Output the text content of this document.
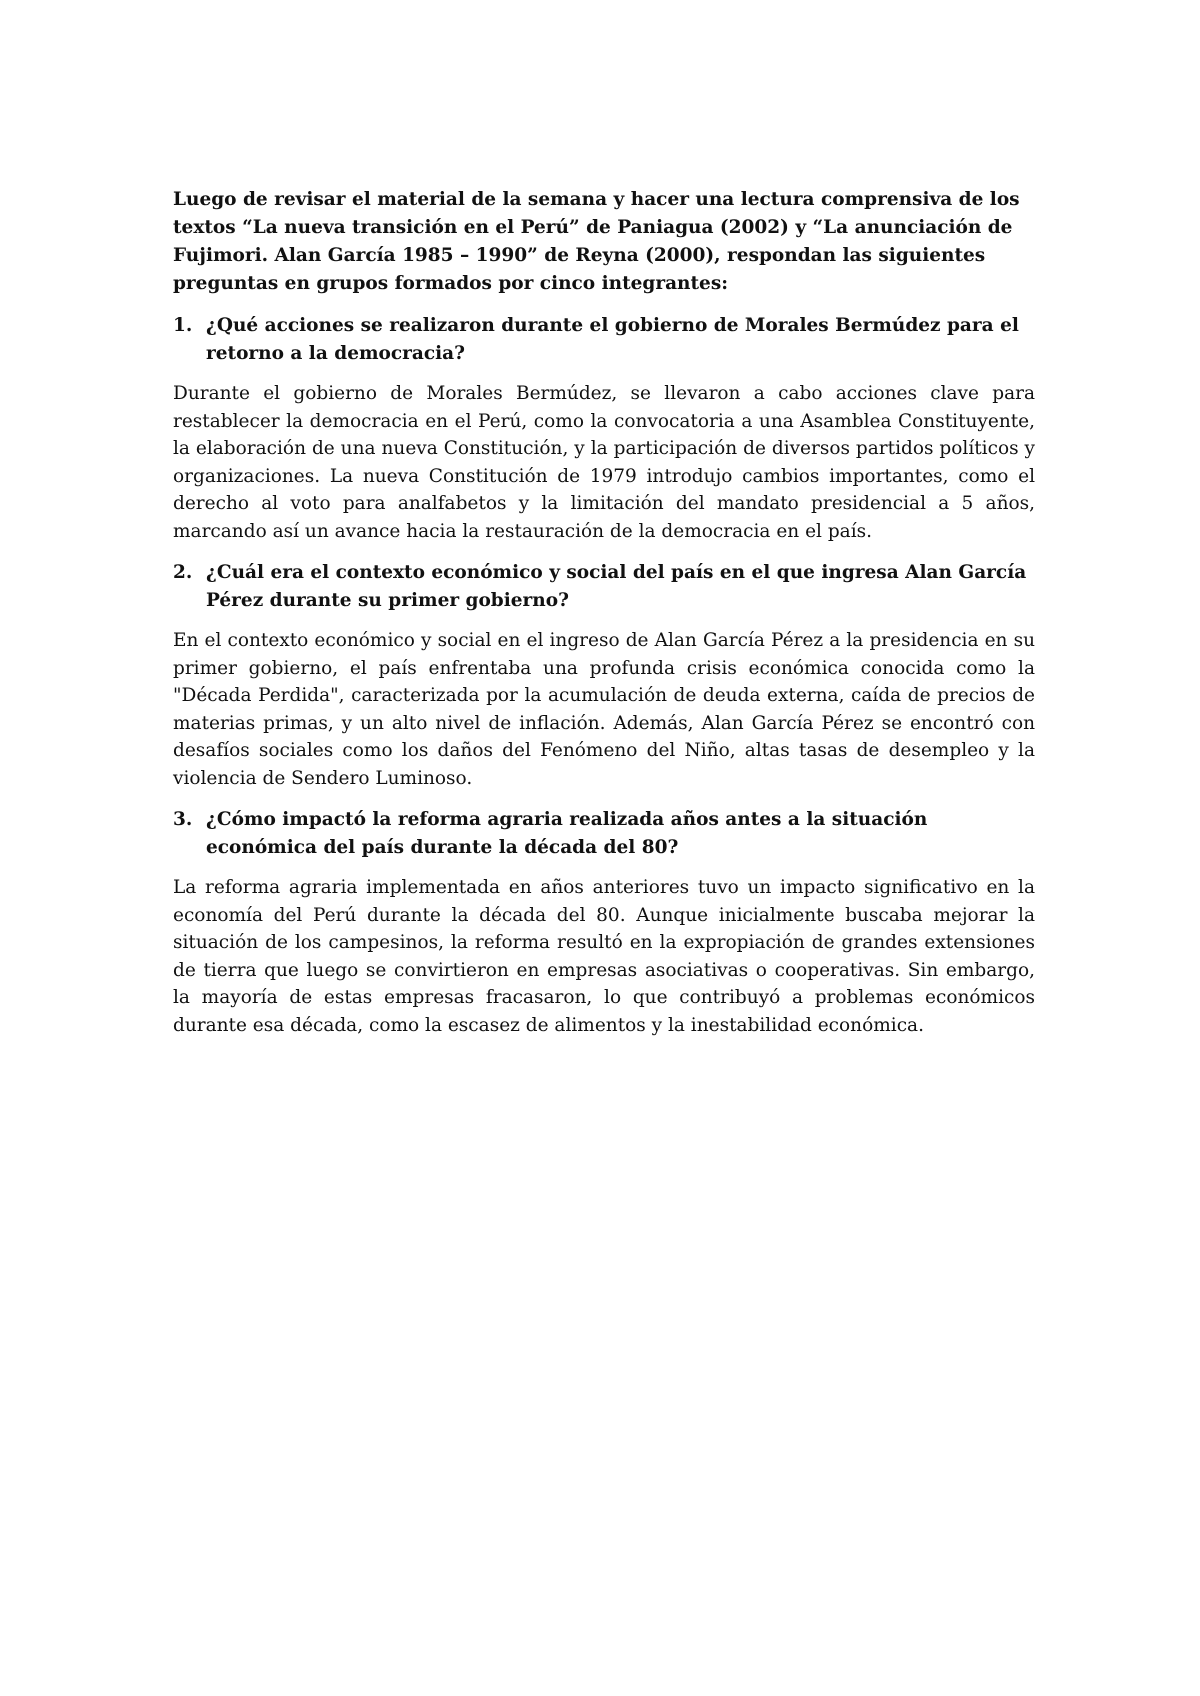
Luego de revisar el material de la semana y hacer una lectura comprensiva de los textos “La nueva transición en el Perú” de Paniagua (2002) y “La anunciación de Fujimori. Alan García 1985 – 1990” de Reyna (2000), respondan las siguientes preguntas en grupos formados por cinco integrantes:

1. ¿Qué acciones se realizaron durante el gobierno de Morales Bermúdez para el retorno a la democracia?

Durante el gobierno de Morales Bermúdez, se llevaron a cabo acciones clave para restablecer la democracia en el Perú, como la convocatoria a una Asamblea Constituyente, la elaboración de una nueva Constitución, y la participación de diversos partidos políticos y organizaciones. La nueva Constitución de 1979 introdujo cambios importantes, como el derecho al voto para analfabetos y la limitación del mandato presidencial a 5 años, marcando así un avance hacia la restauración de la democracia en el país.

2. ¿Cuál era el contexto económico y social del país en el que ingresa Alan García Pérez durante su primer gobierno?

En el contexto económico y social en el ingreso de Alan García Pérez a la presidencia en su primer gobierno, el país enfrentaba una profunda crisis económica conocida como la "Década Perdida", caracterizada por la acumulación de deuda externa, caída de precios de materias primas, y un alto nivel de inflación. Además, Alan García Pérez se encontró con desafíos sociales como los daños del Fenómeno del Niño, altas tasas de desempleo y la violencia de Sendero Luminoso.

3. ¿Cómo impactó la reforma agraria realizada años antes a la situación económica del país durante la década del 80?

La reforma agraria implementada en años anteriores tuvo un impacto significativo en la economía del Perú durante la década del 80. Aunque inicialmente buscaba mejorar la situación de los campesinos, la reforma resultó en la expropiación de grandes extensiones de tierra que luego se convirtieron en empresas asociativas o cooperativas. Sin embargo, la mayoría de estas empresas fracasaron, lo que contribuyó a problemas económicos durante esa década, como la escasez de alimentos y la inestabilidad económica.
